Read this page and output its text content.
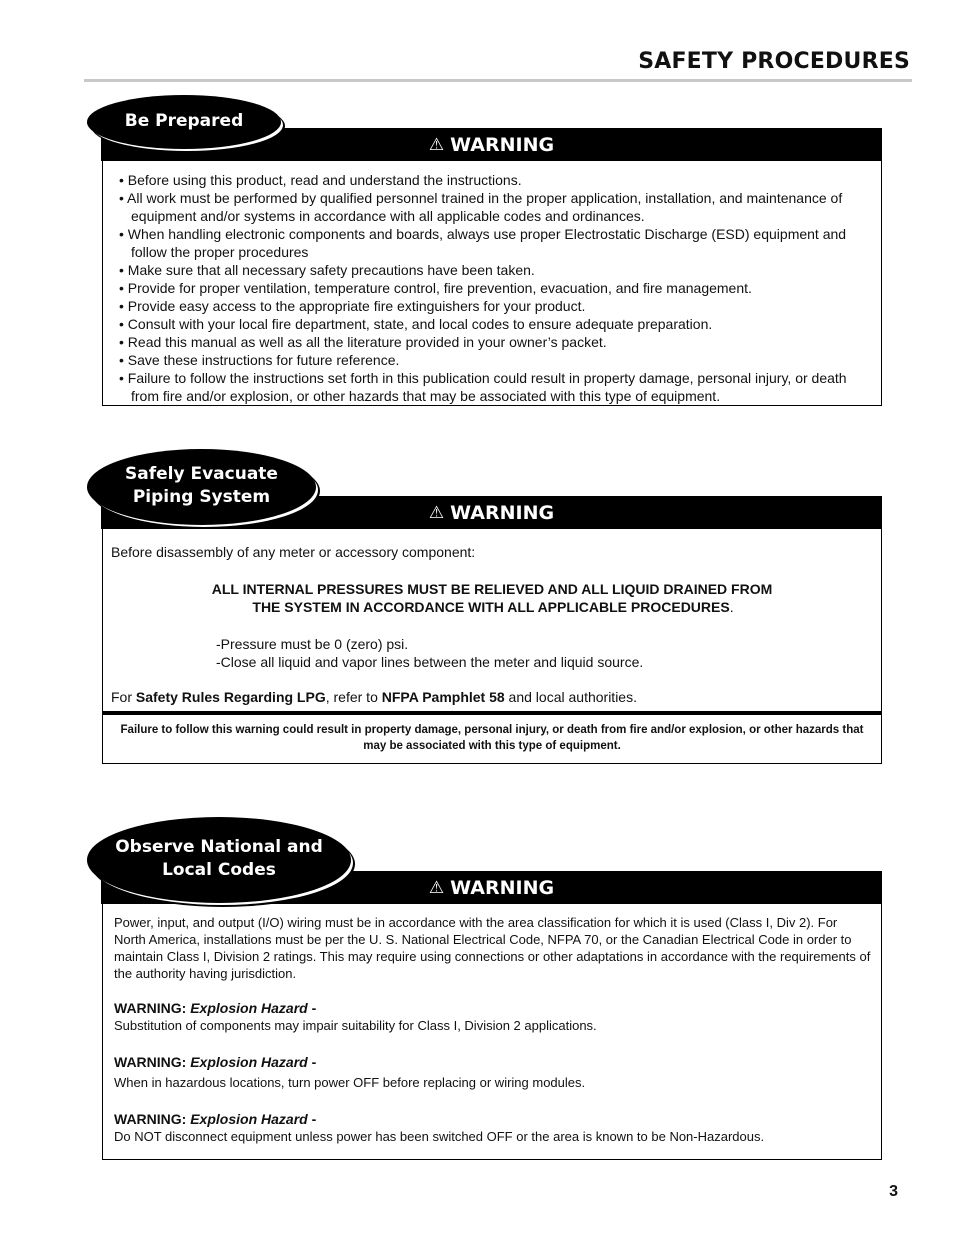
SAFETY PROCEDURES
Be Prepared
⚠ WARNING
• Before using this product, read and understand the instructions.
• All work must be performed by qualified personnel trained in the proper application, installation, and maintenance of equipment and/or systems in accordance with all applicable codes and ordinances.
• When handling electronic components and boards, always use proper Electrostatic Discharge (ESD) equipment and follow the proper procedures
• Make sure that all necessary safety precautions have been taken.
• Provide for proper ventilation, temperature control, fire prevention, evacuation, and fire management.
• Provide easy access to the appropriate fire extinguishers for your product.
• Consult with your local fire department, state, and local codes to ensure adequate preparation.
• Read this manual as well as all the literature provided in your owner’s packet.
• Save these instructions for future reference.
• Failure to follow the instructions set forth in this publication could result in property damage, personal injury, or death from fire and/or explosion, or other hazards that may be associated with this type of equipment.
Safely Evacuate
Piping System
⚠ WARNING

Before disassembly of any meter or accessory component:

ALL INTERNAL PRESSURES MUST BE RELIEVED AND ALL LIQUID DRAINED FROM

THE SYSTEM IN ACCORDANCE WITH ALL APPLICABLE PROCEDURES.

-Pressure must be 0 (zero) psi.

-Close all liquid and vapor lines between the meter and liquid source.

For Safety Rules Regarding LPG, refer to NFPA Pamphlet 58 and local authorities.

Failure to follow this warning could result in property damage, personal injury, or death from fire and/or explosion, or other hazards that may be associated with this type of equipment.

Observe National and
Local Codes
⚠ WARNING

Power, input, and output (I/O) wiring must be in accordance with the area classification for which it is used (Class I, Div 2). For North America, installations must be per the U. S. National Electrical Code, NFPA 70, or the Canadian Electrical Code in order to maintain Class I, Division 2 ratings. This may require using connections or other adaptations in accordance with the requirements of the authority having jurisdiction.

WARNING: Explosion Hazard -

Substitution of components may impair suitability for Class I, Division 2 applications.

WARNING: Explosion Hazard -

When in hazardous locations, turn power OFF before replacing or wiring modules.

WARNING: Explosion Hazard -

Do NOT disconnect equipment unless power has been switched OFF or the area is known to be Non-Hazardous.

3
